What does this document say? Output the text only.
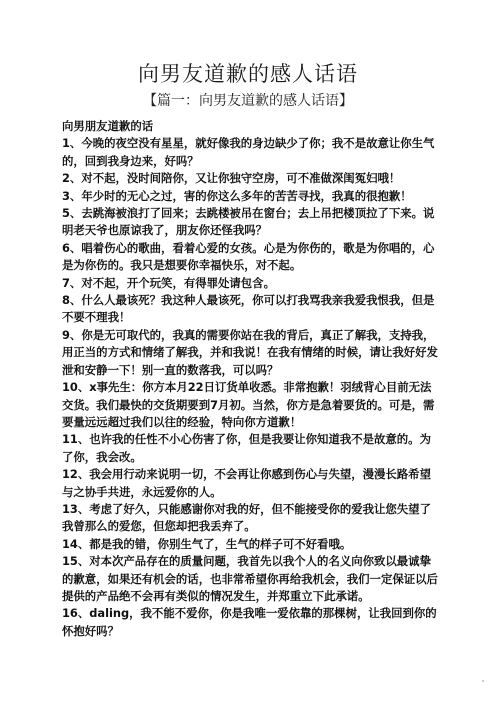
向男友道歉的感人话语
【篇一：向男友道歉的感人话语】

向男朋友道歉的话

1、今晚的夜空没有星星，就好像我的身边缺少了你；我不是故意让你生气的，回到我身边来，好吗？

2、对不起，没时间陪你，又让你独守空房，可不准做深闺冤妇哦！

3、年少时的无心之过，害的你这么多年的苦苦寻找，我真的很抱歉！

5、去跳海被浪打了回来；去跳楼被吊在窗台；去上吊把楼顶拉了下来。说明老天爷也原谅我了，朋友你还怪我吗？

6、唱着伤心的歌曲，看着心爱的女孩。心是为你伤的，歌是为你唱的，心是为你伤的。我只是想要你幸福快乐，对不起。

7、对不起，开个玩笑，有得罪处请包含。

8、什么人最该死？我这种人最该死，你可以打我骂我亲我爱我恨我，但是不要不理我！

9、你是无可取代的，我真的需要你站在我的背后，真正了解我，支持我，用正当的方式和情绪了解我，并和我说！在我有情绪的时候，请让我好好发泄和安静一下！别一直的数落我，可以吗？

10、x事先生：你方本月22日订货单收悉。非常抱歉！羽绒背心目前无法交货。我们最快的交货期要到7月初。当然，你方是急着要货的。可是，需要量远远超过我们以往的经验，特向你方道歉！

11、也许我的任性不小心伤害了你，但是我要让你知道我不是故意的。为了你，我会改。

12、我会用行动来说明一切，不会再让你感到伤心与失望，漫漫长路希望与之协手共进，永远爱你的人。

13、考虑了好久，只能感谢你对我的好，但不能接受你的爱我让您失望了我曾那么的爱您，但您却把我丢弃了。

14、都是我的错，你别生气了，生气的样子可不好看哦。

15、对本次产品存在的质量问题，我首先以我个人的名义向你致以最诚挚的歉意，如果还有机会的话，也非常希望你再给我机会，我们一定保证以后提供的产品绝不会再有类似的情况发生，并郑重立下此承诺。

16、daling，我不能不爱你，你是我唯一爱依靠的那棵树，让我回到你的怀抱好吗？
